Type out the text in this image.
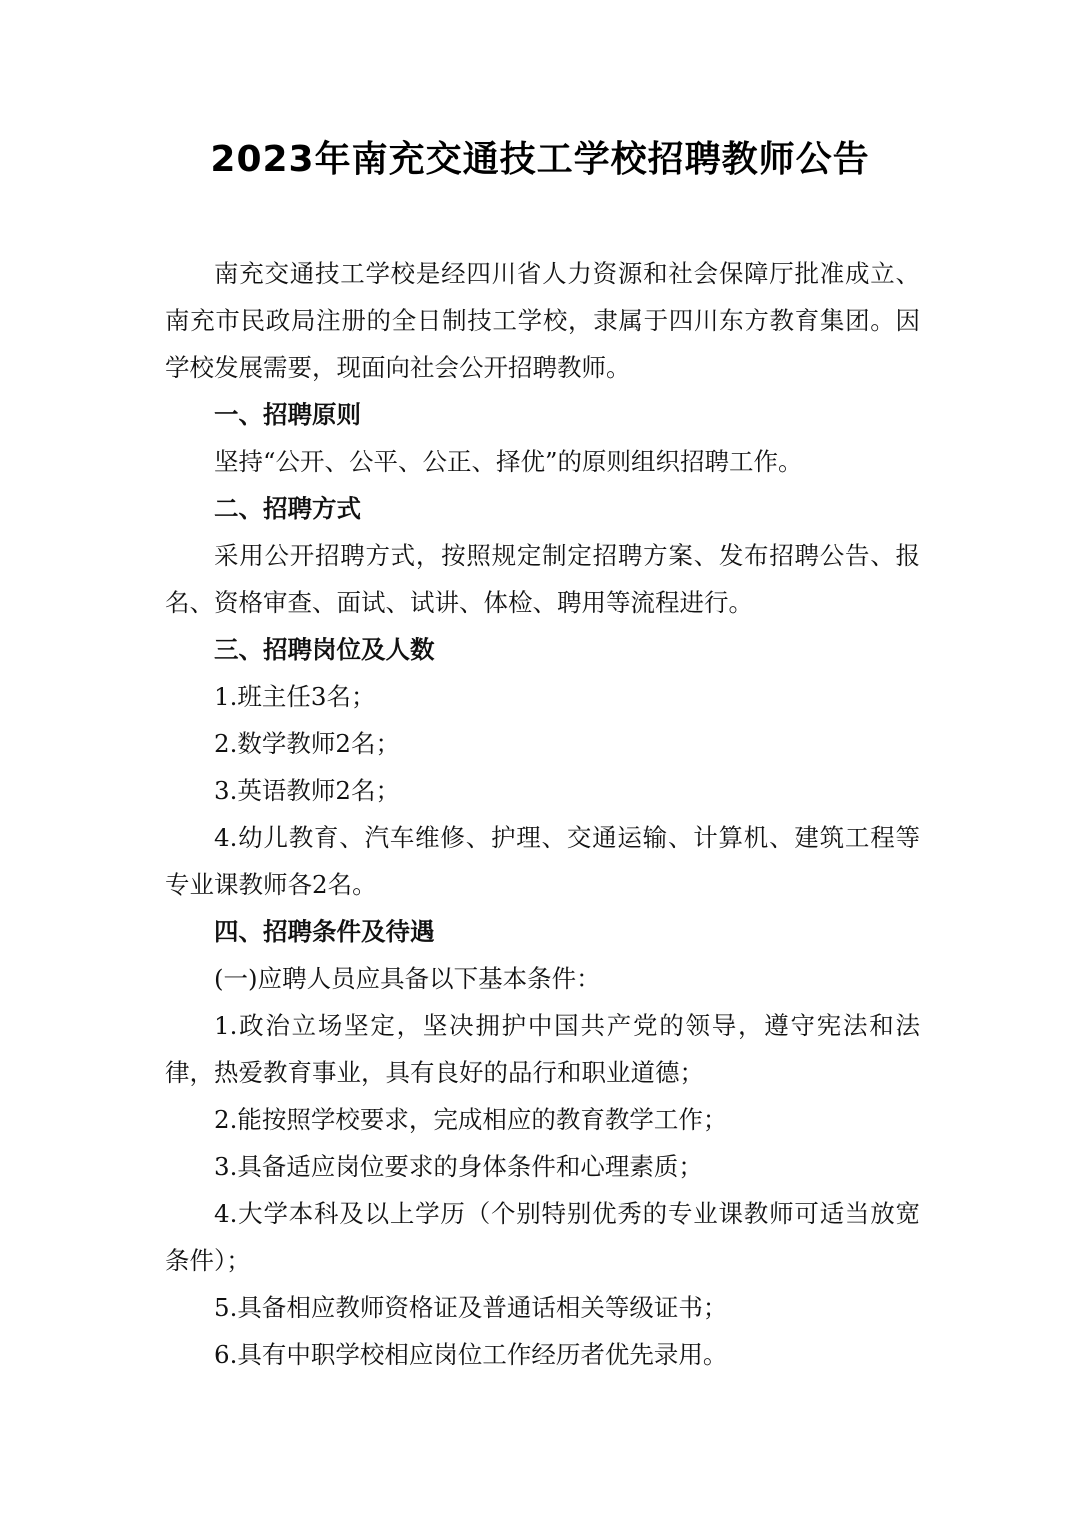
2023年南充交通技工学校招聘教师公告

南充交通技工学校是经四川省人力资源和社会保障厅批准成立、南充市民政局注册的全日制技工学校，隶属于四川东方教育集团。因学校发展需要，现面向社会公开招聘教师。

一、招聘原则

坚持“公开、公平、公正、择优”的原则组织招聘工作。

二、招聘方式

采用公开招聘方式，按照规定制定招聘方案、发布招聘公告、报名、资格审查、面试、试讲、体检、聘用等流程进行。

三、招聘岗位及人数

1.班主任3名；

2.数学教师2名；

3.英语教师2名；

4.幼儿教育、汽车维修、护理、交通运输、计算机、建筑工程等专业课教师各2名。

四、招聘条件及待遇

(一)应聘人员应具备以下基本条件：

1.政治立场坚定，坚决拥护中国共产党的领导，遵守宪法和法律，热爱教育事业，具有良好的品行和职业道德；

2.能按照学校要求，完成相应的教育教学工作；

3.具备适应岗位要求的身体条件和心理素质；

4.大学本科及以上学历（个别特别优秀的专业课教师可适当放宽条件）；

5.具备相应教师资格证及普通话相关等级证书；

6.具有中职学校相应岗位工作经历者优先录用。
